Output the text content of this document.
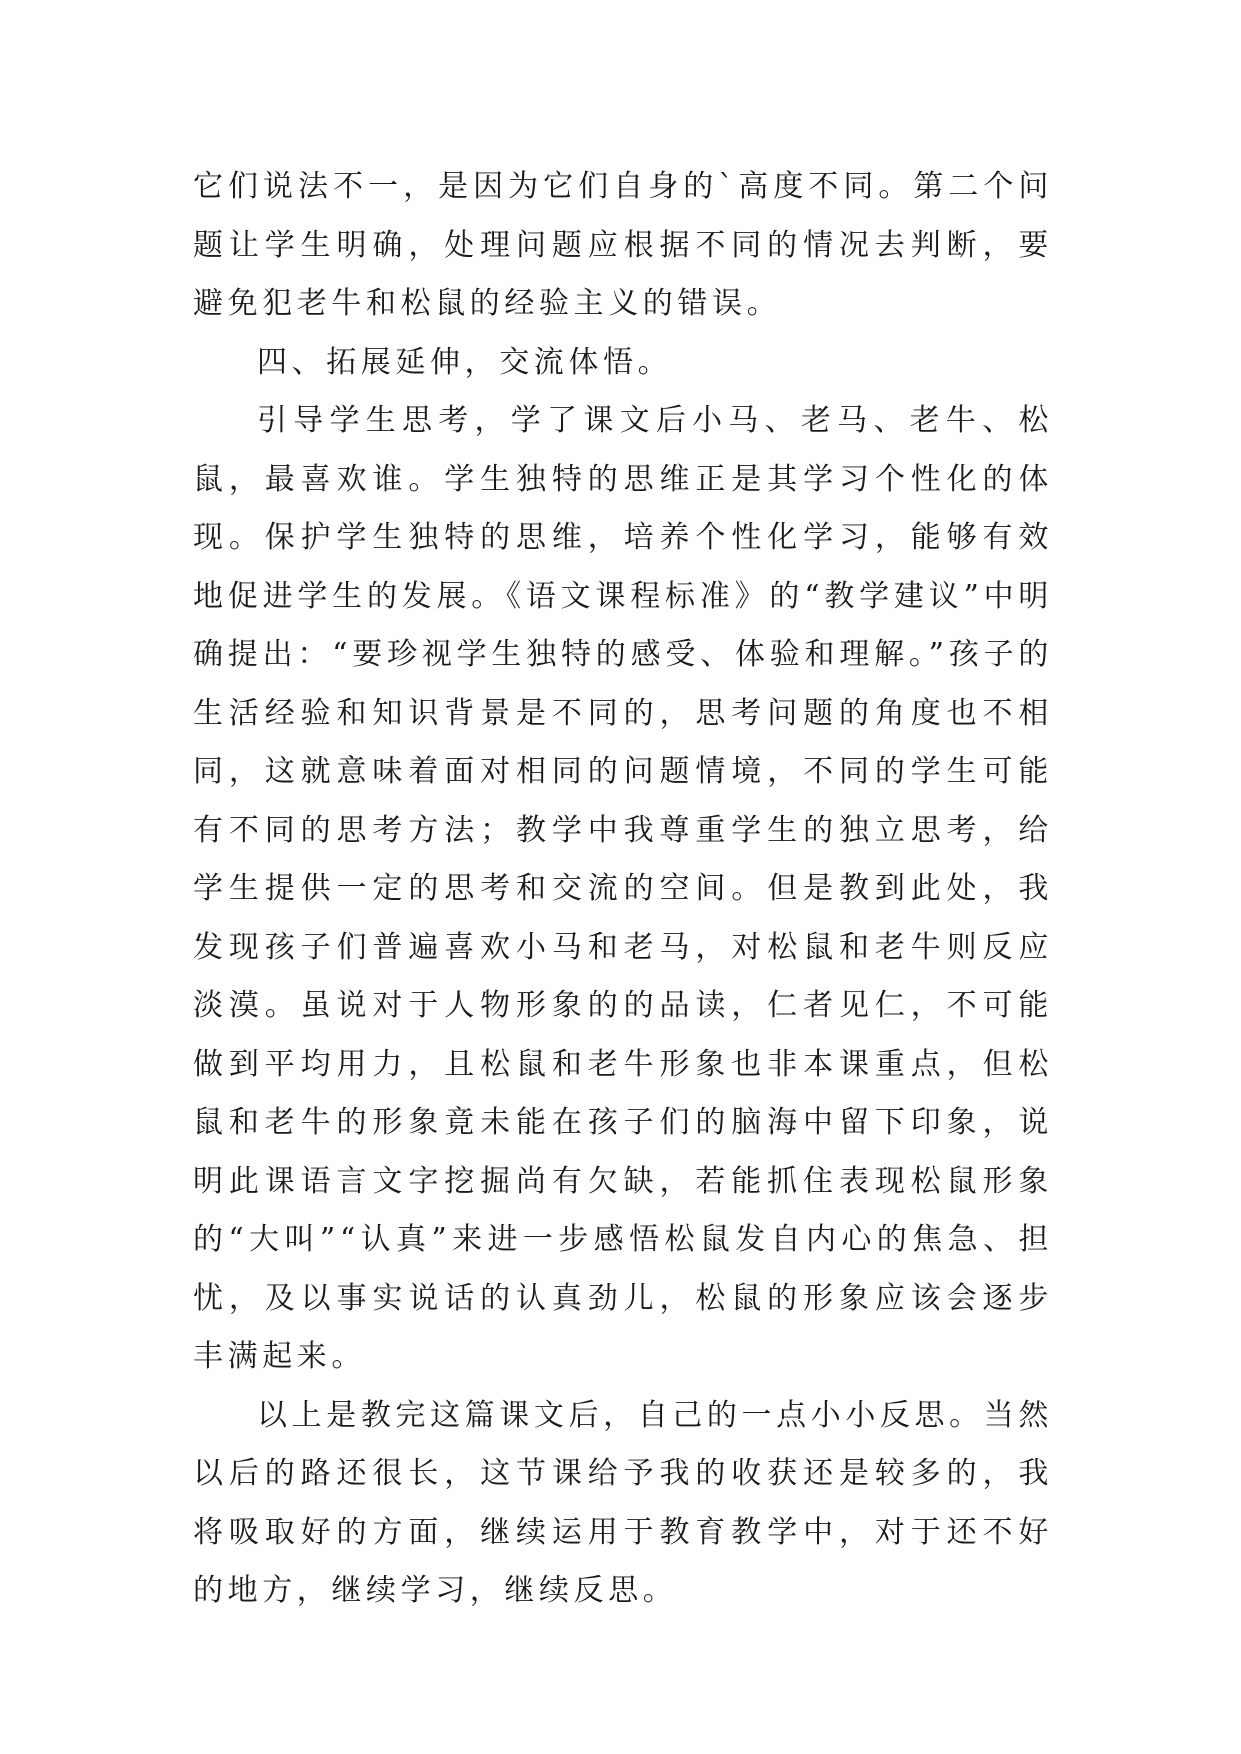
它们说法不一，是因为它们自身的`高度不同。第二个问题让学生明确，处理问题应根据不同的情况去判断，要避免犯老牛和松鼠的经验主义的错误。

四、拓展延伸，交流体悟。

引导学生思考，学了课文后小马、老马、老牛、松鼠，最喜欢谁。学生独特的思维正是其学习个性化的体现。保护学生独特的思维，培养个性化学习，能够有效地促进学生的发展。《语文课程标准》的“教学建议”中明确提出：“要珍视学生独特的感受、体验和理解。”孩子的生活经验和知识背景是不同的，思考问题的角度也不相同，这就意味着面对相同的问题情境，不同的学生可能有不同的思考方法；教学中我尊重学生的独立思考，给学生提供一定的思考和交流的空间。但是教到此处，我发现孩子们普遍喜欢小马和老马，对松鼠和老牛则反应淡漠。虽说对于人物形象的的品读，仁者见仁，不可能做到平均用力，且松鼠和老牛形象也非本课重点，但松鼠和老牛的形象竟未能在孩子们的脑海中留下印象，说明此课语言文字挖掘尚有欠缺，若能抓住表现松鼠形象的“大叫”“认真”来进一步感悟松鼠发自内心的焦急、担忧，及以事实说话的认真劲儿，松鼠的形象应该会逐步丰满起来。

以上是教完这篇课文后，自己的一点小小反思。当然以后的路还很长，这节课给予我的收获还是较多的，我将吸取好的方面，继续运用于教育教学中，对于还不好的地方，继续学习，继续反思。
